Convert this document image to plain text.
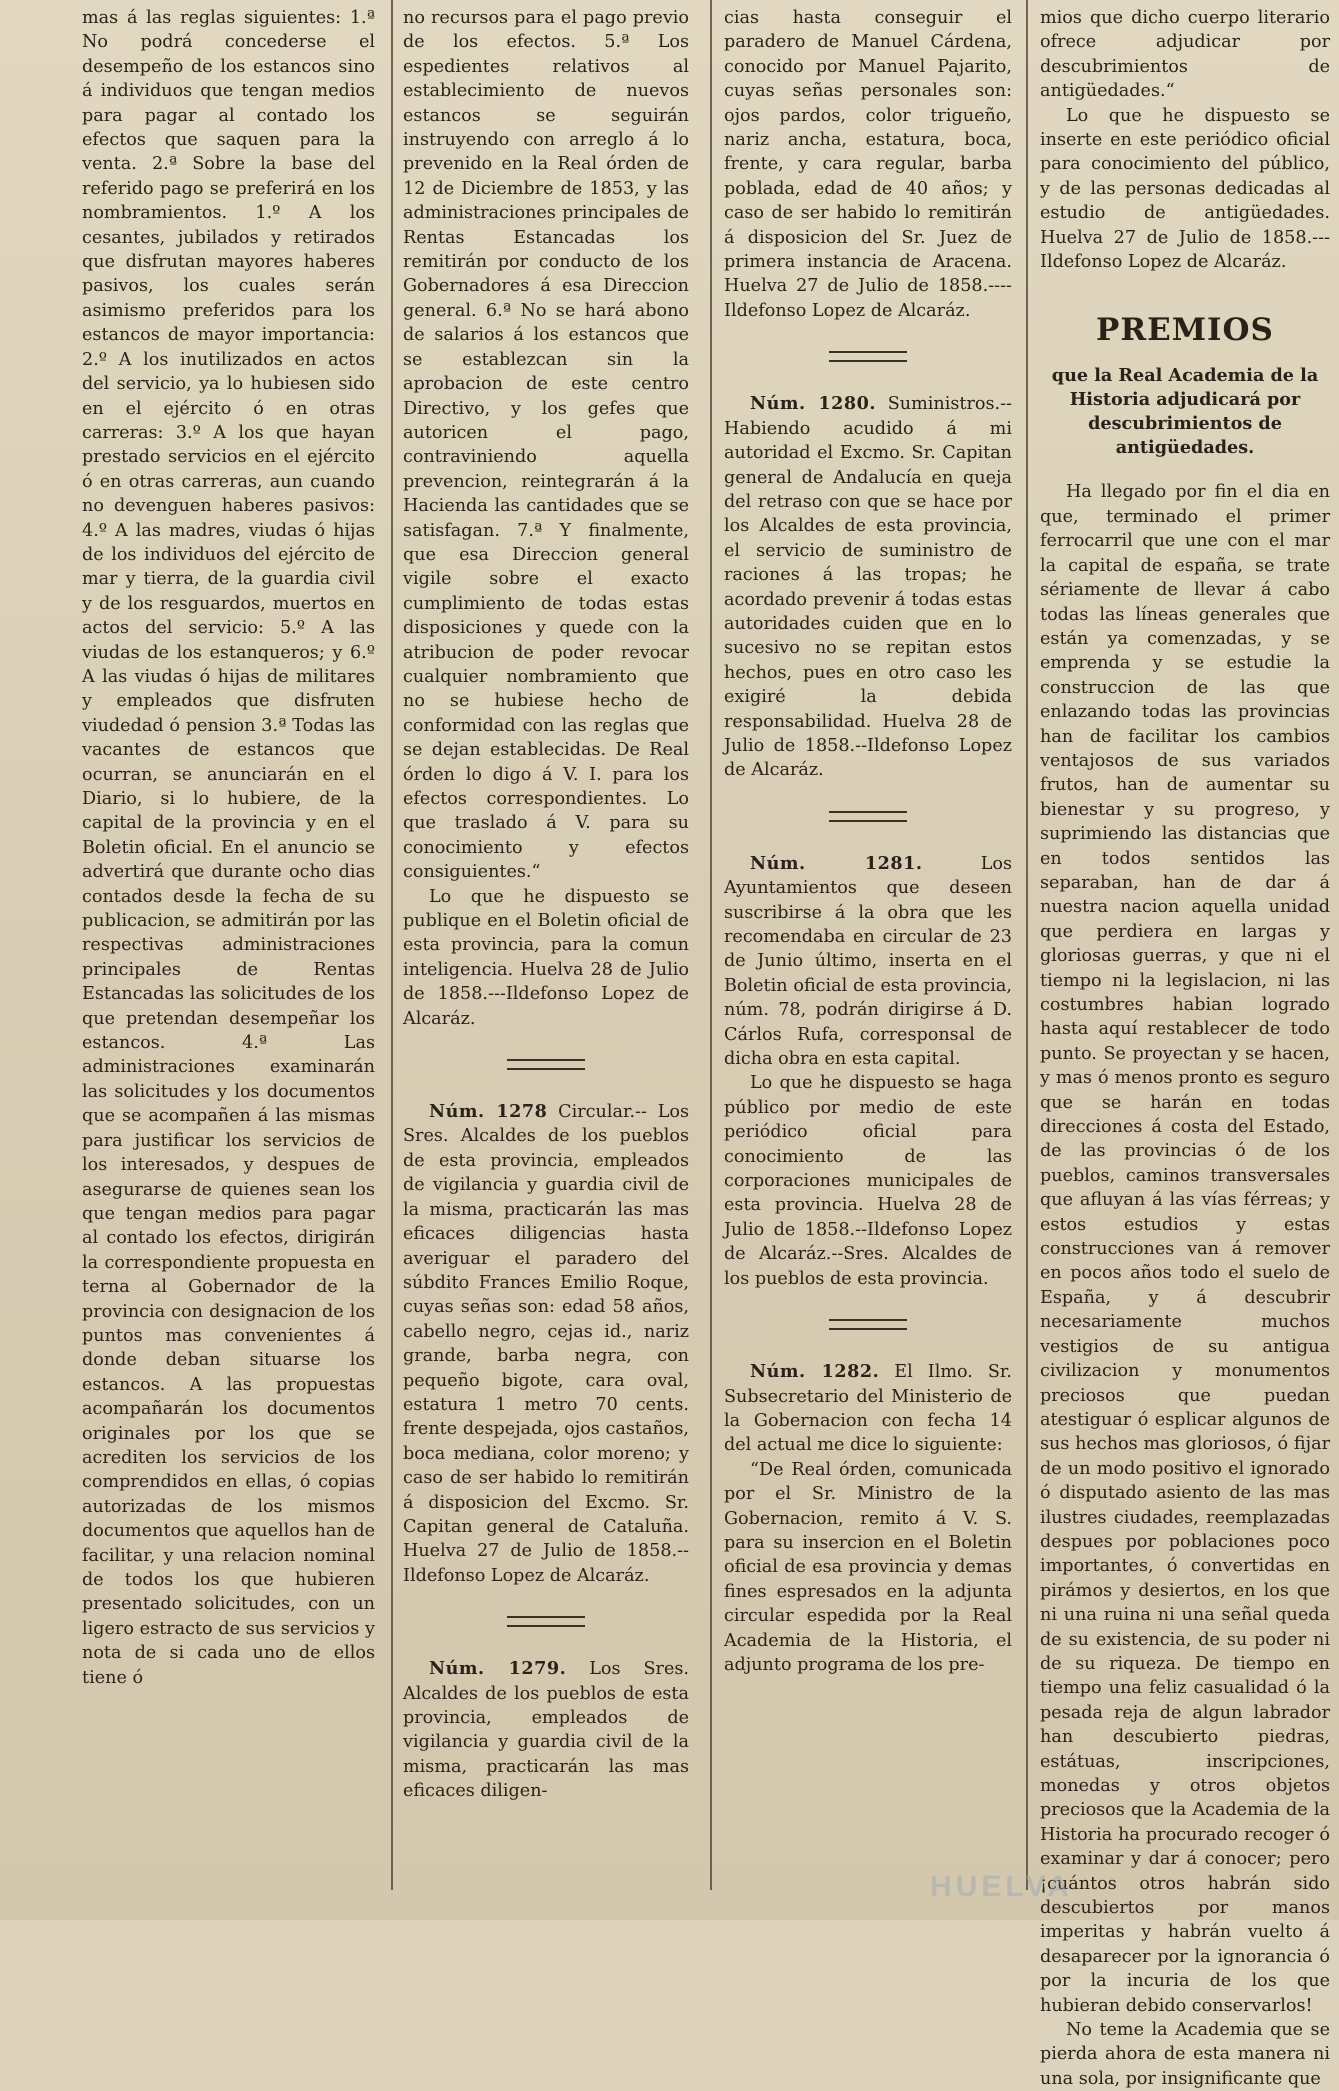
mas á las reglas siguientes: 1.ª No podrá concederse el desempeño de los estancos sino á individuos que tengan medios para pagar al contado los efectos que saquen para la venta. 2.ª Sobre la base del referido pago se preferirá en los nombramientos. 1.º A los cesantes, jubilados y retirados que disfrutan mayores haberes pasivos, los cuales serán asimismo preferidos para los estancos de mayor importancia: 2.º A los inutilizados en actos del servicio, ya lo hubiesen sido en el ejército ó en otras carreras: 3.º A los que hayan prestado servicios en el ejército ó en otras carreras, aun cuando no devenguen haberes pasivos: 4.º A las madres, viudas ó hijas de los individuos del ejército de mar y tierra, de la guardia civil y de los resguardos, muertos en actos del servicio: 5.º A las viudas de los estanqueros; y 6.º A las viudas ó hijas de militares y empleados que disfruten viudedad ó pension 3.ª Todas las vacantes de estancos que ocurran, se anunciarán en el Diario, si lo hubiere, de la capital de la provincia y en el Boletin oficial. En el anuncio se advertirá que durante ocho dias contados desde la fecha de su publicacion, se admitirán por las respectivas administraciones principales de Rentas Estancadas las solicitudes de los que pretendan desempeñar los estancos. 4.ª Las administraciones examinarán las solicitudes y los documentos que se acompañen á las mismas para justificar los servicios de los interesados, y despues de asegurarse de quienes sean los que tengan medios para pagar al contado los efectos, dirigirán la correspondiente propuesta en terna al Gobernador de la provincia con designacion de los puntos mas convenientes á donde deban situarse los estancos. A las propuestas acompañarán los documentos originales por los que se acrediten los servicios de los comprendidos en ellas, ó copias autorizadas de los mismos documentos que aquellos han de facilitar, y una relacion nominal de todos los que hubieren presentado solicitudes, con un ligero estracto de sus servicios y nota de si cada uno de ellos tiene ó

no recursos para el pago previo de los efectos. 5.ª Los espedientes relativos al establecimiento de nuevos estancos se seguirán instruyendo con arreglo á lo prevenido en la Real órden de 12 de Diciembre de 1853, y las administraciones principales de Rentas Estancadas los remitirán por conducto de los Gobernadores á esa Direccion general. 6.ª No se hará abono de salarios á los estancos que se establezcan sin la aprobacion de este centro Directivo, y los gefes que autoricen el pago, contraviniendo aquella prevencion, reintegrarán á la Hacienda las cantidades que se satisfagan. 7.ª Y finalmente, que esa Direccion general vigile sobre el exacto cumplimiento de todas estas disposiciones y quede con la atribucion de poder revocar cualquier nombramiento que no se hubiese hecho de conformidad con las reglas que se dejan establecidas. De Real órden lo digo á V. I. para los efectos correspondientes. Lo que traslado á V. para su conocimiento y efectos consiguientes.“

Lo que he dispuesto se publique en el Boletin oficial de esta provincia, para la comun inteligencia. Huelva 28 de Julio de 1858.---Ildefonso Lopez de Alcaráz.

Núm. 1278 Circular.-- Los Sres. Alcaldes de los pueblos de esta provincia, empleados de vigilancia y guardia civil de la misma, practicarán las mas eficaces diligencias hasta averiguar el paradero del súbdito Frances Emilio Roque, cuyas señas son: edad 58 años, cabello negro, cejas id., nariz grande, barba negra, con pequeño bigote, cara oval, estatura 1 metro 70 cents. frente despejada, ojos castaños, boca mediana, color moreno; y caso de ser habido lo remitirán á disposicion del Excmo. Sr. Capitan general de Cataluña. Huelva 27 de Julio de 1858.--Ildefonso Lopez de Alcaráz.

Núm. 1279. Los Sres. Alcaldes de los pueblos de esta provincia, empleados de vigilancia y guardia civil de la misma, practicarán las mas eficaces diligen-

cias hasta conseguir el paradero de Manuel Cárdena, conocido por Manuel Pajarito, cuyas señas personales son: ojos pardos, color trigueño, nariz ancha, estatura, boca, frente, y cara regular, barba poblada, edad de 40 años; y caso de ser habido lo remitirán á disposicion del Sr. Juez de primera instancia de Aracena. Huelva 27 de Julio de 1858.----Ildefonso Lopez de Alcaráz.

Núm. 1280. Suministros.--Habiendo acudido á mi autoridad el Excmo. Sr. Capitan general de Andalucía en queja del retraso con que se hace por los Alcaldes de esta provincia, el servicio de suministro de raciones á las tropas; he acordado prevenir á todas estas autoridades cuiden que en lo sucesivo no se repitan estos hechos, pues en otro caso les exigiré la debida responsabilidad. Huelva 28 de Julio de 1858.--Ildefonso Lopez de Alcaráz.

Núm. 1281.	Los Ayuntamientos que deseen suscribirse á la obra que les recomendaba en circular de 23 de Junio último, inserta en el Boletin oficial de esta provincia, núm. 78, podrán dirigirse á D. Cárlos Rufa, corresponsal de dicha obra en esta capital.

Lo que he dispuesto se haga público por medio de este periódico oficial para conocimiento de las corporaciones municipales de esta provincia. Huelva 28 de Julio de 1858.--Ildefonso Lopez de Alcaráz.--Sres. Alcaldes de los pueblos de esta provincia.

Núm. 1282. El Ilmo. Sr. Subsecretario del Ministerio de la Gobernacion con fecha 14 del actual me dice lo siguiente:

“De Real órden, comunicada por el Sr. Ministro de la Gobernacion, remito á V. S. para su insercion en el Boletin oficial de esa provincia y demas fines espresados en la adjunta circular espedida por la Real Academia de la Historia, el adjunto programa de los pre-

mios que dicho cuerpo literario ofrece adjudicar por descubrimientos de antigüedades.“

Lo que he dispuesto se inserte en este periódico oficial para conocimiento del público, y de las personas dedicadas al estudio de antigüedades. Huelva 27 de Julio de 1858.---Ildefonso Lopez de Alcaráz.

PREMIOS
que la Real Academia de la Historia adjudicará por descubrimientos de antigüedades.

Ha llegado por fin el dia en que, terminado el primer ferrocarril que une con el mar la capital de españa, se trate sériamente de llevar á cabo todas las líneas generales que están ya comenzadas, y se emprenda y se estudie la construccion de las que enlazando todas las provincias han de facilitar los cambios ventajosos de sus variados frutos, han de aumentar su bienestar y su progreso, y suprimiendo las distancias que en todos sentidos las separaban, han de dar á nuestra nacion aquella unidad que perdiera en largas y gloriosas guerras, y que ni el tiempo ni la legislacion, ni las costumbres habian logrado hasta aquí restablecer de todo punto. Se proyectan y se hacen, y mas ó menos pronto es seguro que se harán en todas direcciones á costa del Estado, de las provincias ó de los pueblos, caminos transversales que afluyan á las vías férreas; y estos estudios y estas construcciones van á remover en pocos años todo el suelo de España, y á descubrir necesariamente muchos vestigios de su antigua civilizacion y monumentos preciosos que puedan atestiguar ó esplicar algunos de sus hechos mas gloriosos, ó fijar de un modo positivo el ignorado ó disputado asiento de las mas ilustres ciudades, reemplazadas despues por poblaciones poco importantes, ó convertidas en pirámos y desiertos, en los que ni una ruina ni una señal queda de su existencia, de su poder ni de su riqueza. De tiempo en tiempo una feliz casualidad ó la pesada reja de algun labrador han descubierto piedras, estátuas, inscripciones, monedas y otros objetos preciosos que la Academia de la Historia ha procurado recoger ó examinar y dar á conocer; pero ¡cuántos otros habrán sido descubiertos por manos imperitas y habrán vuelto á desaparecer por la ignorancia ó por la incuria de los que hubieran debido conservarlos!

No teme la Academia que se pierda ahora de esta manera ni una sola, por insignificante que

HUELVA
